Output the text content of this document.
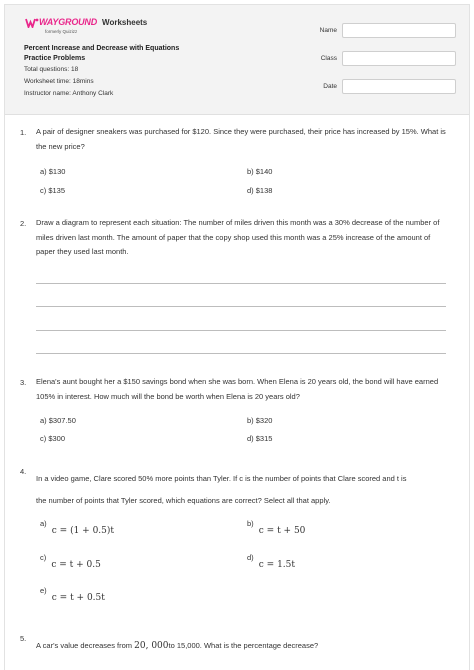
WAYGROUND
formerly Quizizz
Worksheets
Percent Increase and Decrease with Equations Practice Problems
Total questions: 18
Worksheet time: 18mins
Instructor name: Anthony Clark
Name
Class
Date
1. A pair of designer sneakers was purchased for $120. Since they were purchased, their price has increased by 15%. What is the new price?
a) $130	b) $140
c) $135	d) $138
2. Draw a diagram to represent each situation: The number of miles driven this month was a 30% decrease of the number of miles driven last month. The amount of paper that the copy shop used this month was a 25% increase of the amount of paper they used last month.
3. Elena's aunt bought her a $150 savings bond when she was born. When Elena is 20 years old, the bond will have earned 105% in interest. How much will the bond be worth when Elena is 20 years old?
a) $307.50	b) $320
c) $300	d) $315
4.
In a video game, Clare scored 50% more points than Tyler. If c is the number of points that Clare scored and t is
the number of points that Tyler scored, which equations are correct? Select all that apply.
a) c = (1 + 0.5)t
b) c = t + 50
c) c = t + 0.5
d) c = 1.5t
e) c = t + 0.5t
5.
A car's value decreases from 20, 000to 15,000. What is the percentage decrease?
